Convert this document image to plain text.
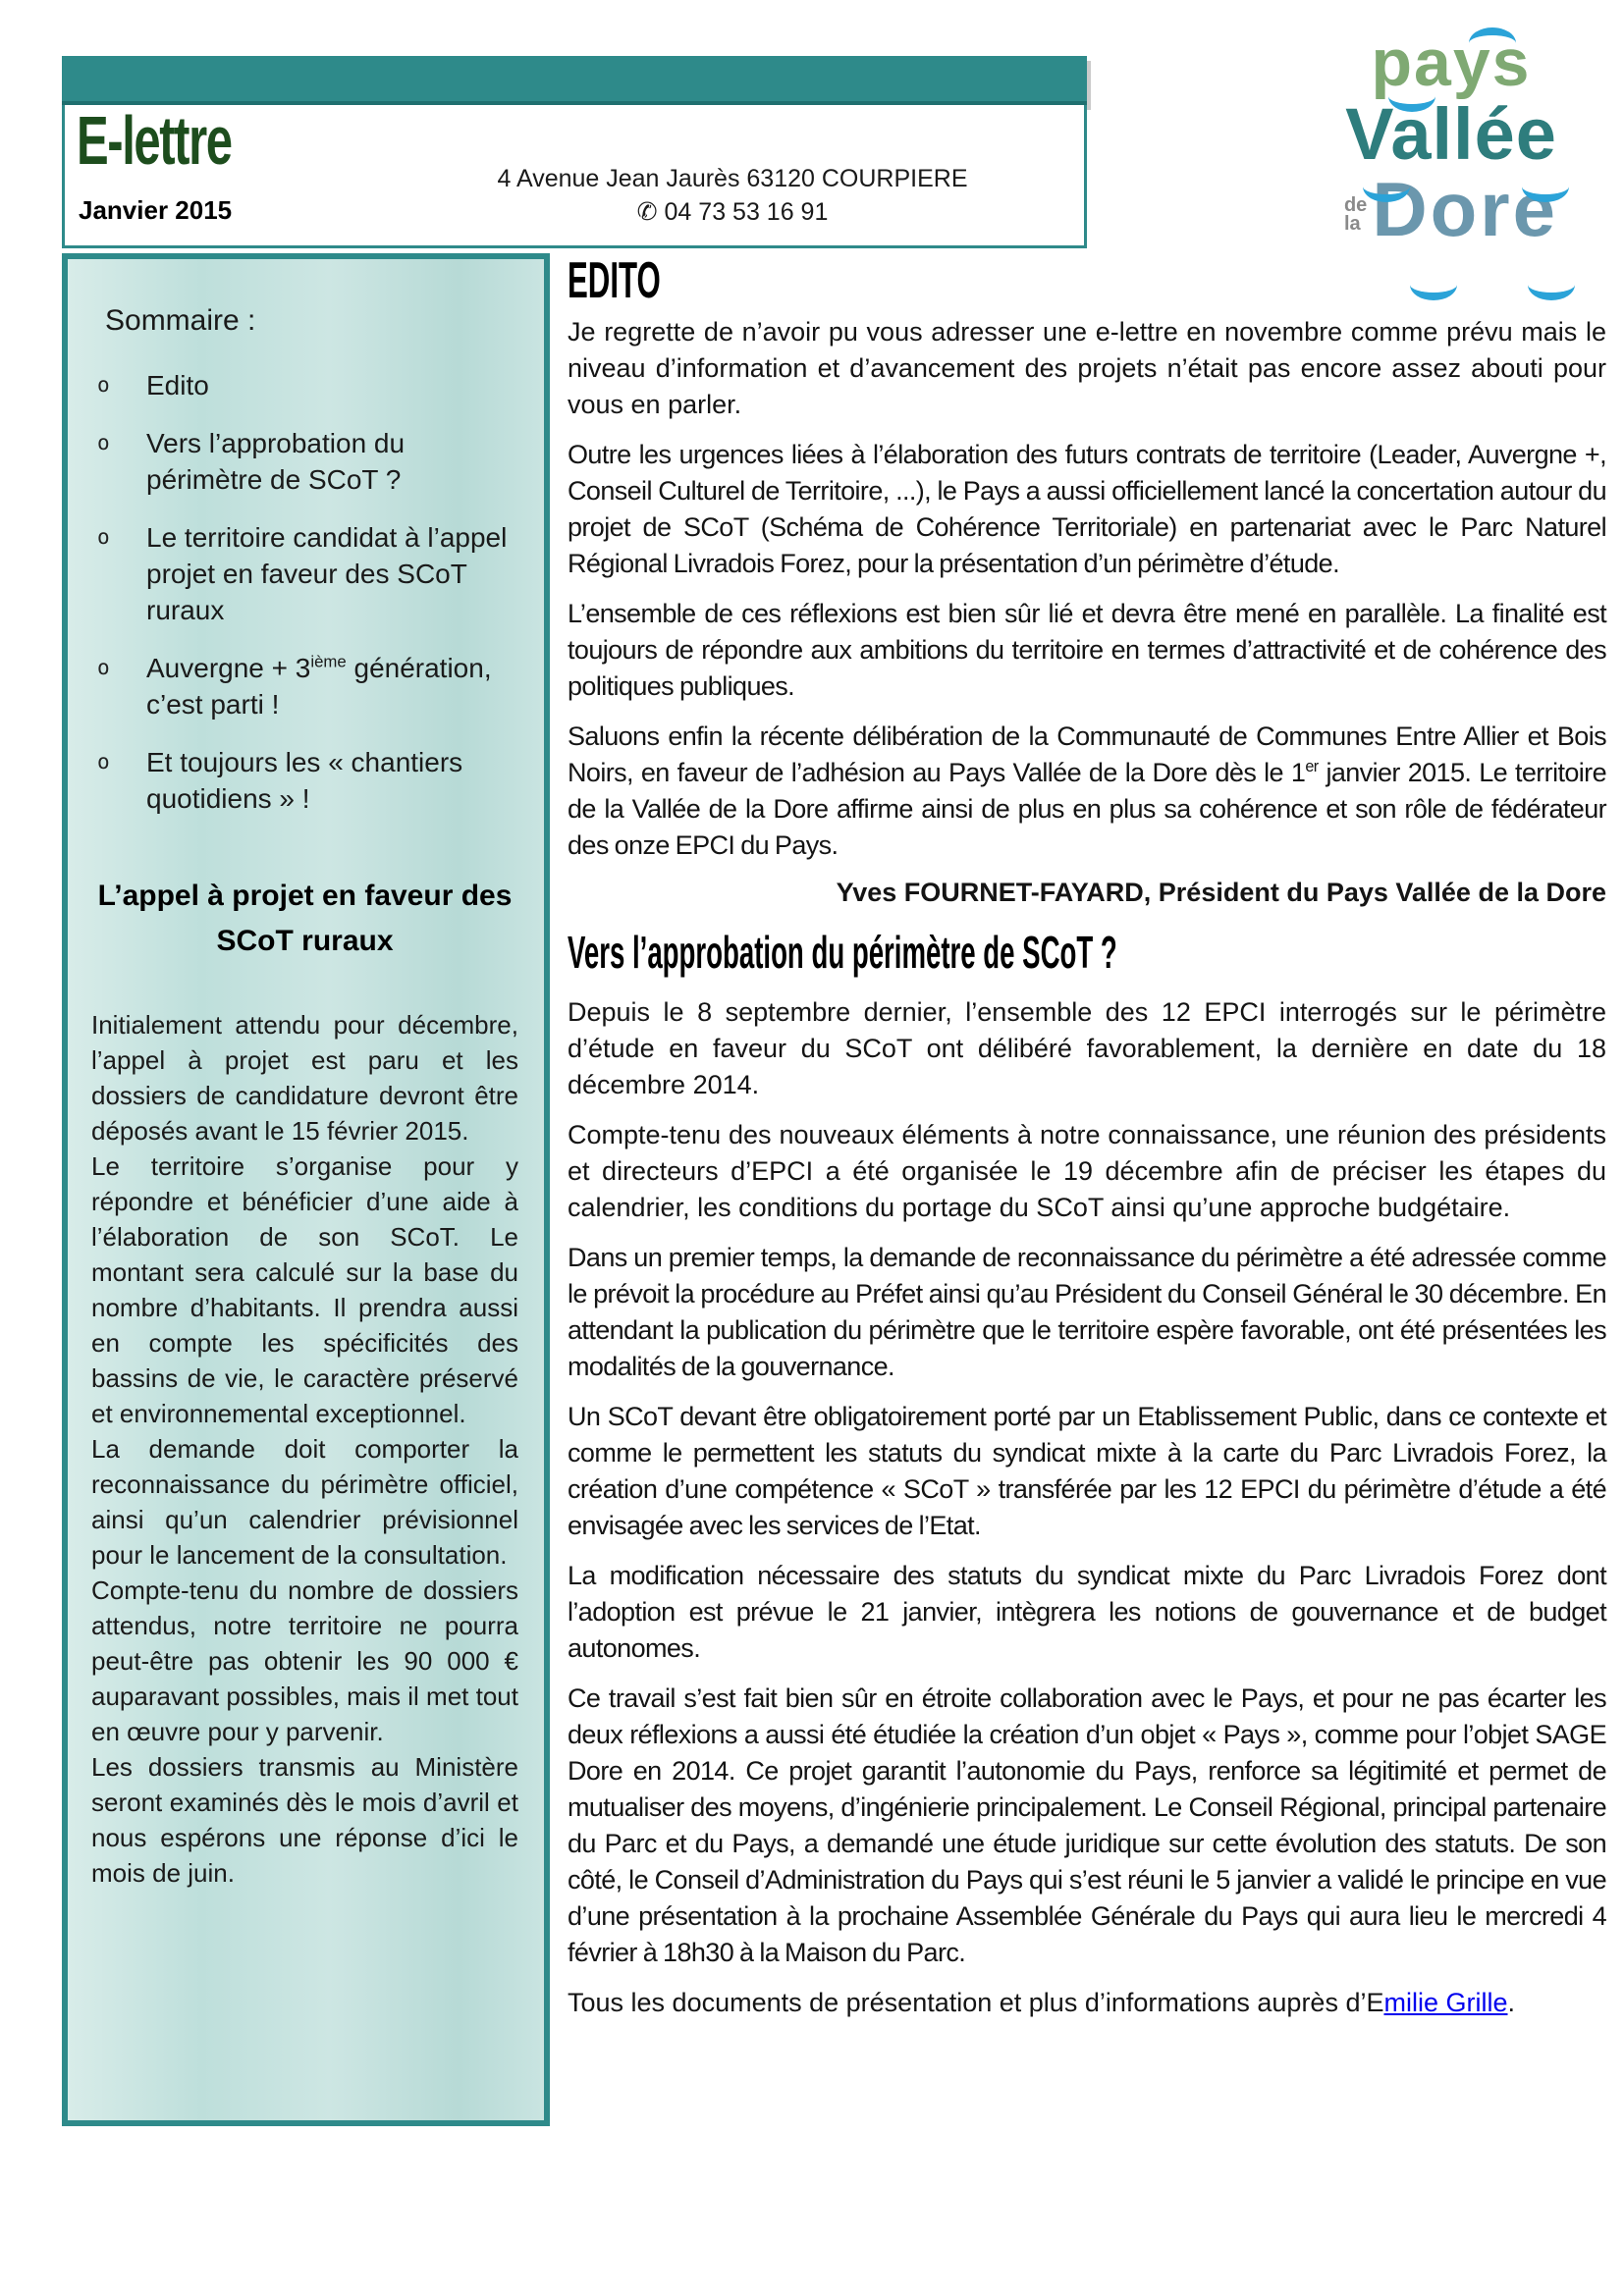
E-lettre
Janvier 2015
4 Avenue Jean Jaurès 63120 COURPIERE
✆ 04 73 53 16 91
pays
Vallée
de
la Dore
Sommaire :
o	Edito
o	Vers l’approbation du périmètre de SCoT ?
o	Le territoire candidat à l’appel projet en faveur des SCoT ruraux
o	Auvergne + 3ième génération, c’est parti !
o	Et toujours les « chantiers quotidiens » !
L’appel à projet en faveur des SCoT ruraux

Initialement attendu pour décembre, l’appel à projet est paru et les dossiers de candidature devront être déposés avant le 15 février 2015.

Le territoire s’organise pour y répondre et bénéficier d’une aide à l’élaboration de son SCoT. Le montant sera calculé sur la base du nombre d’habitants. Il prendra aussi en compte les spécificités des bassins de vie, le caractère préservé et environnemental exceptionnel.

La demande doit comporter la reconnaissance du périmètre officiel, ainsi qu’un calendrier prévisionnel pour le lancement de la consultation.

Compte-tenu du nombre de dossiers attendus, notre territoire ne pourra peut-être pas obtenir les 90 000 € auparavant possibles, mais il met tout en œuvre pour y parvenir.

Les dossiers transmis au Ministère seront examinés dès le mois d’avril et nous espérons une réponse d’ici le mois de juin.

EDITO

Je regrette de n’avoir pu vous adresser une e-lettre en novembre comme prévu mais le niveau d’information et d’avancement des projets n’était pas encore assez abouti pour vous en parler.

Outre les urgences liées à l’élaboration des futurs contrats de territoire (Leader, Auvergne +, Conseil Culturel de Territoire, ...), le Pays a aussi officiellement lancé la concertation autour du projet de SCoT (Schéma de Cohérence Territoriale) en partenariat avec le Parc Naturel Régional Livradois Forez, pour la présentation d’un périmètre d’étude.

L’ensemble de ces réflexions est bien sûr lié et devra être mené en parallèle. La finalité est toujours de répondre aux ambitions du territoire en termes d’attractivité et de cohérence des politiques publiques.

Saluons enfin la récente délibération de la Communauté de Communes Entre Allier et Bois Noirs, en faveur de l’adhésion au Pays Vallée de la Dore dès le 1er janvier 2015. Le territoire de la Vallée de la Dore affirme ainsi de plus en plus sa cohérence et son rôle de fédérateur des onze EPCI du Pays.

Yves FOURNET-FAYARD, Président du Pays Vallée de la Dore
Vers l’approbation du périmètre de SCoT ?

Depuis le 8 septembre dernier, l’ensemble des 12 EPCI interrogés sur le périmètre d’étude en faveur du SCoT ont délibéré favorablement, la dernière en date du 18 décembre 2014.

Compte-tenu des nouveaux éléments à notre connaissance, une réunion des présidents et directeurs d’EPCI a été organisée le 19 décembre afin de préciser les étapes du calendrier, les conditions du portage du SCoT ainsi qu’une approche budgétaire.

Dans un premier temps, la demande de reconnaissance du périmètre a été adressée comme le prévoit la procédure au Préfet ainsi qu’au Président du Conseil Général le 30 décembre. En attendant la publication du périmètre que le territoire espère favorable, ont été présentées les modalités de la gouvernance.

Un SCoT devant être obligatoirement porté par un Etablissement Public, dans ce contexte et comme le permettent les statuts du syndicat mixte à la carte du Parc Livradois Forez, la création d’une compétence « SCoT » transférée par les 12 EPCI du périmètre d’étude a été envisagée avec les services de l’Etat.

La modification nécessaire des statuts du syndicat mixte du Parc Livradois Forez dont l’adoption est prévue le 21 janvier, intègrera les notions de gouvernance et de budget autonomes.

Ce travail s’est fait bien sûr en étroite collaboration avec le Pays, et pour ne pas écarter les deux réflexions a aussi été étudiée la création d’un objet « Pays », comme pour l’objet SAGE Dore en 2014. Ce projet garantit l’autonomie du Pays, renforce sa légitimité et permet de mutualiser des moyens, d’ingénierie principalement. Le Conseil Régional, principal partenaire du Parc et du Pays, a demandé une étude juridique sur cette évolution des statuts. De son côté, le Conseil d’Administration du Pays qui s’est réuni le 5 janvier a validé le principe en vue d’une présentation à la prochaine Assemblée Générale du Pays qui aura lieu le mercredi 4 février à 18h30 à la Maison du Parc.

Tous les documents de présentation et plus d’informations auprès d’Emilie Grille.
